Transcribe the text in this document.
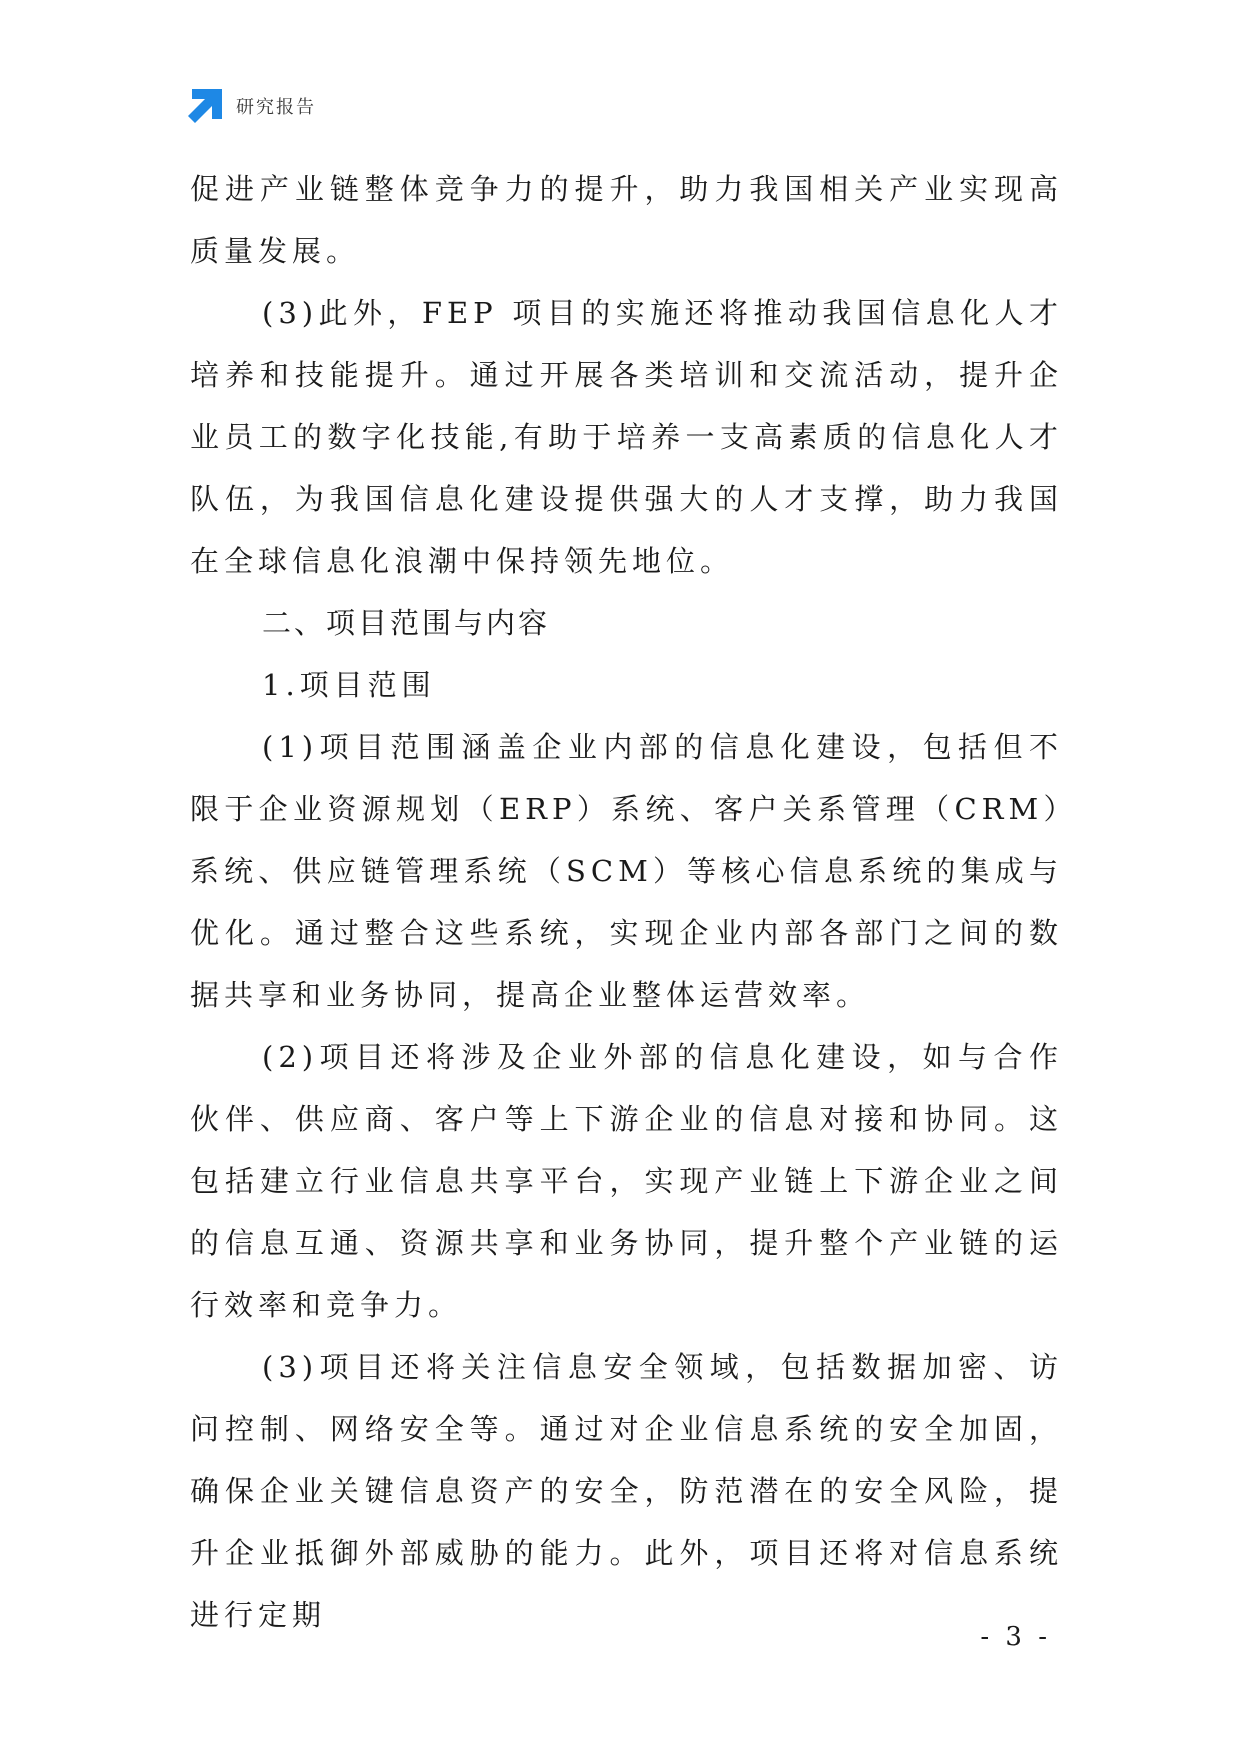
研究报告

促进产业链整体竞争力的提升，助力我国相关产业实现高质量发展。

(3)此外，FEP 项目的实施还将推动我国信息化人才培养和技能提升。通过开展各类培训和交流活动，提升企业员工的数字化技能,有助于培养一支高素质的信息化人才队伍，为我国信息化建设提供强大的人才支撑，助力我国在全球信息化浪潮中保持领先地位。

二、项目范围与内容

1.项目范围

(1)项目范围涵盖企业内部的信息化建设，包括但不限于企业资源规划（ERP）系统、客户关系管理（CRM）系统、供应链管理系统（SCM）等核心信息系统的集成与优化。通过整合这些系统，实现企业内部各部门之间的数据共享和业务协同，提高企业整体运营效率。

(2)项目还将涉及企业外部的信息化建设，如与合作伙伴、供应商、客户等上下游企业的信息对接和协同。这包括建立行业信息共享平台，实现产业链上下游企业之间的信息互通、资源共享和业务协同，提升整个产业链的运行效率和竞争力。

(3)项目还将关注信息安全领域，包括数据加密、访问控制、网络安全等。通过对企业信息系统的安全加固，确保企业关键信息资产的安全，防范潜在的安全风险，提升企业抵御外部威胁的能力。此外，项目还将对信息系统进行定期

- 3 -
